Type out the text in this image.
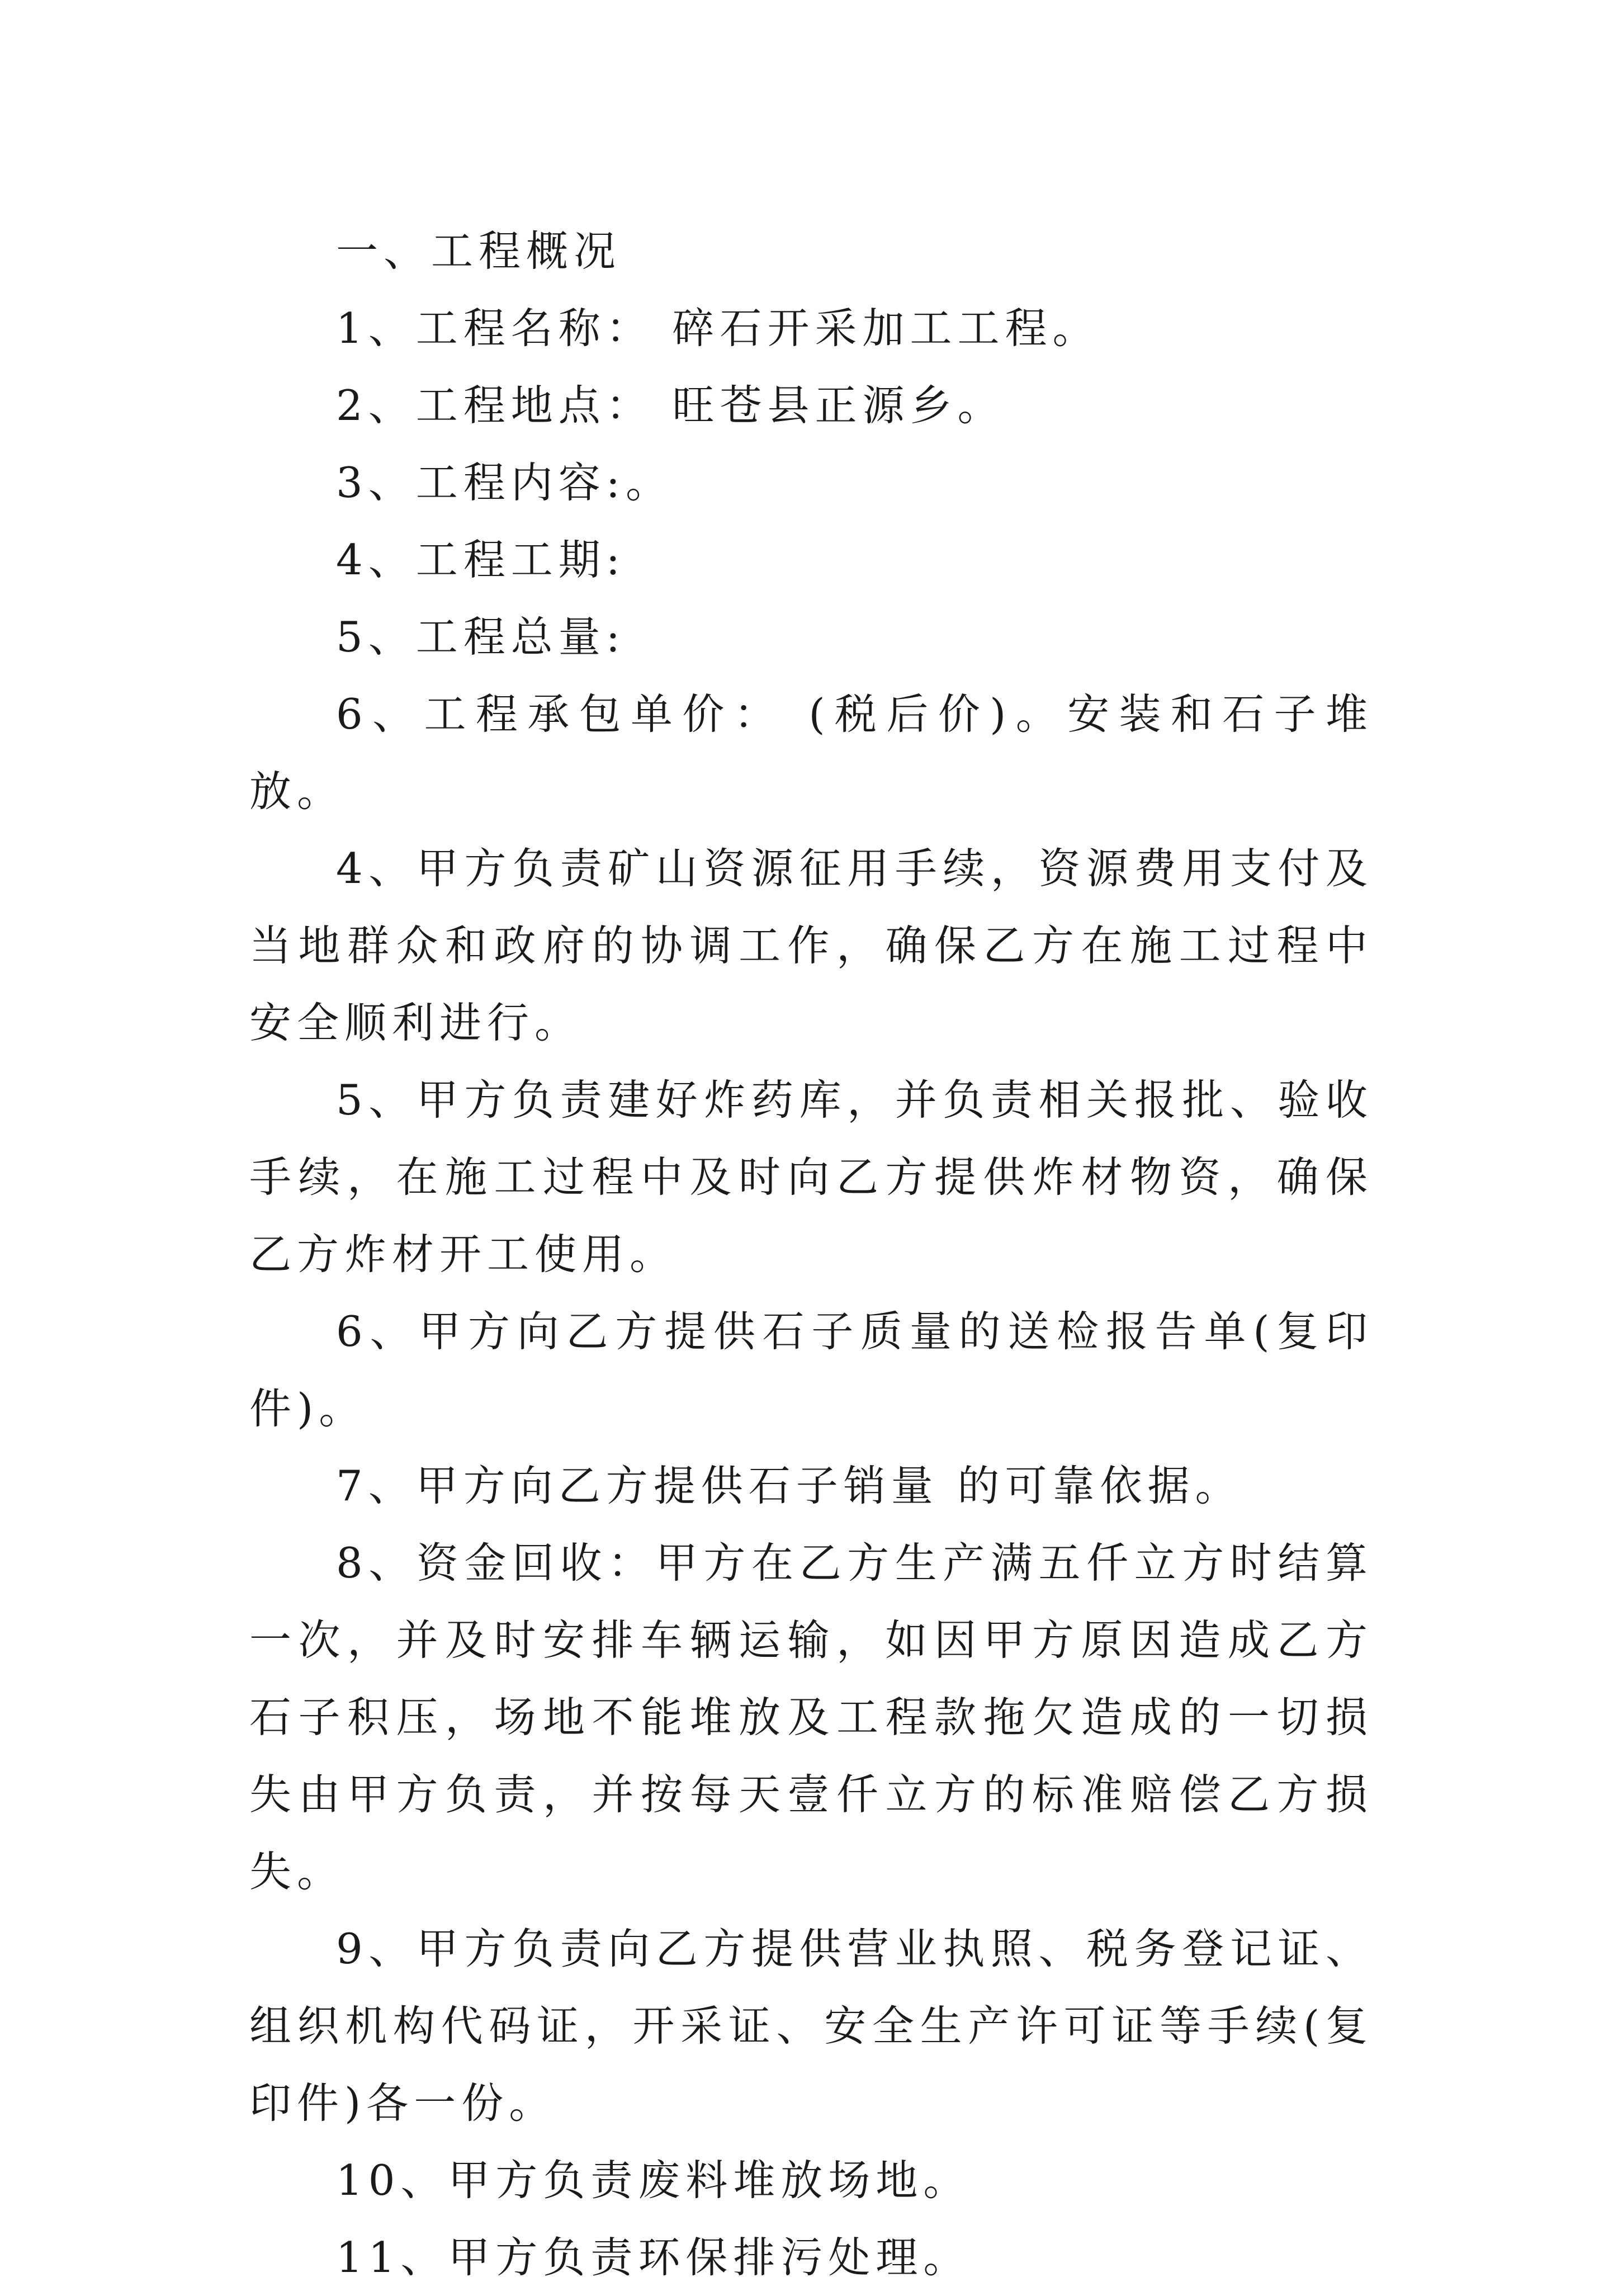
一、工程概况

1、工程名称： 碎石开采加工工程。

2、工程地点： 旺苍县正源乡。

3、工程内容:。

4、工程工期:

5、工程总量:

6、工程承包单价： (税后价)。安装和石子堆放。

4、甲方负责矿山资源征用手续，资源费用支付及当地群众和政府的协调工作，确保乙方在施工过程中安全顺利进行。

5、甲方负责建好炸药库，并负责相关报批、验收手续，在施工过程中及时向乙方提供炸材物资，确保乙方炸材开工使用。

6、甲方向乙方提供石子质量的送检报告单(复印件)。

7、甲方向乙方提供石子销量 的可靠依据。

8、资金回收：甲方在乙方生产满五仟立方时结算一次，并及时安排车辆运输，如因甲方原因造成乙方石子积压，场地不能堆放及工程款拖欠造成的一切损失由甲方负责，并按每天壹仟立方的标准赔偿乙方损失。

9、甲方负责向乙方提供营业执照、税务登记证、组织机构代码证，开采证、安全生产许可证等手续(复印件)各一份。

10、甲方负责废料堆放场地。

11、甲方负责环保排污处理。
